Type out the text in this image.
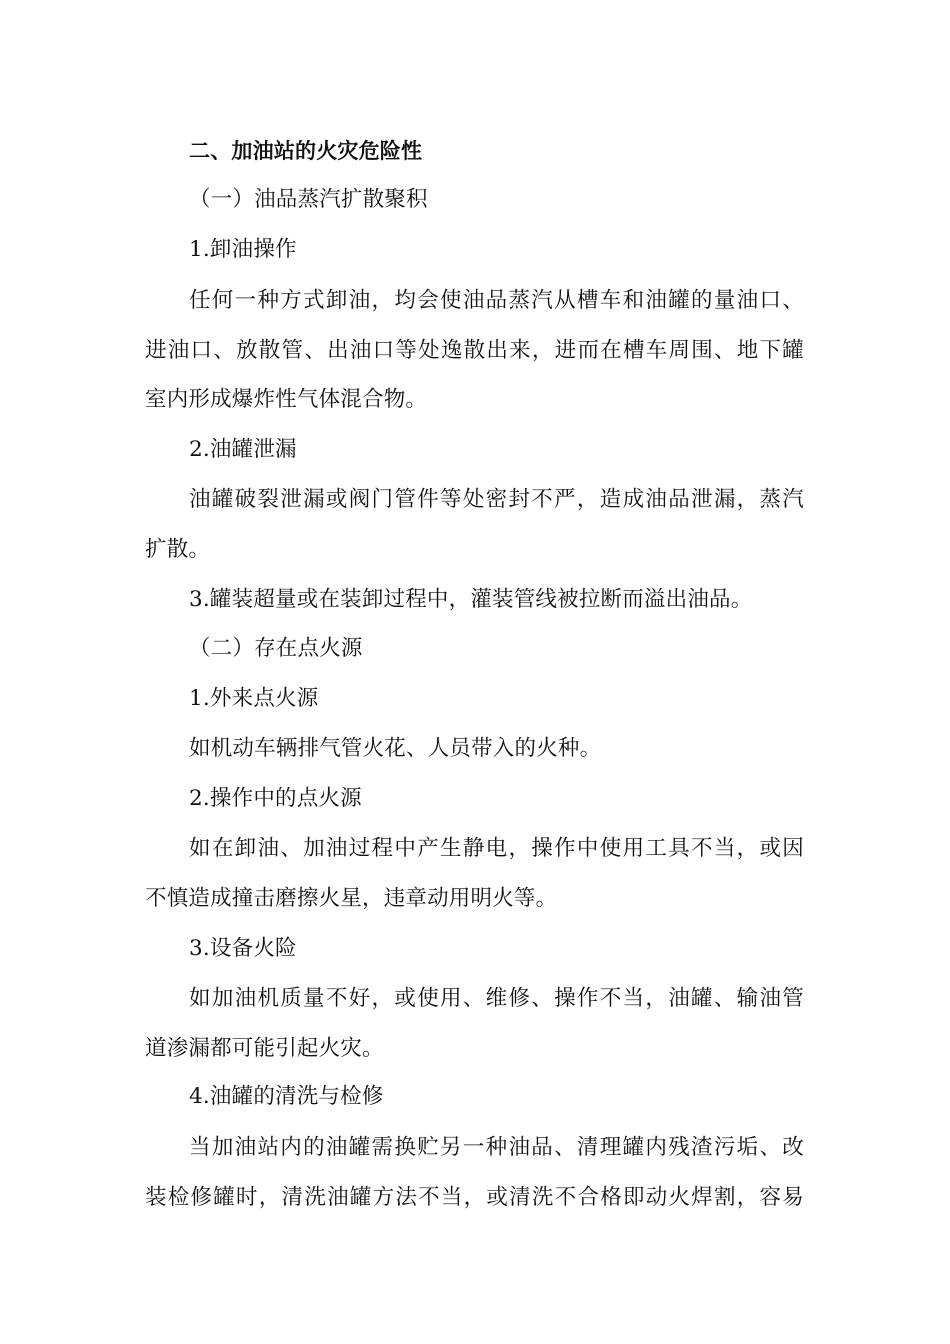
二、加油站的火灾危险性
（一）油品蒸汽扩散聚积
1.卸油操作
任何一种方式卸油，均会使油品蒸汽从槽车和油罐的量油口、
进油口、放散管、出油口等处逸散出来，进而在槽车周围、地下罐
室内形成爆炸性气体混合物。
2.油罐泄漏
油罐破裂泄漏或阀门管件等处密封不严，造成油品泄漏，蒸汽
扩散。
3.罐装超量或在装卸过程中，灌装管线被拉断而溢出油品。
（二）存在点火源
1.外来点火源
如机动车辆排气管火花、人员带入的火种。
2.操作中的点火源
如在卸油、加油过程中产生静电，操作中使用工具不当，或因
不慎造成撞击磨擦火星，违章动用明火等。
3.设备火险
如加油机质量不好，或使用、维修、操作不当，油罐、输油管
道渗漏都可能引起火灾。
4.油罐的清洗与检修
当加油站内的油罐需换贮另一种油品、清理罐内残渣污垢、改
装检修罐时，清洗油罐方法不当，或清洗不合格即动火焊割，容易
